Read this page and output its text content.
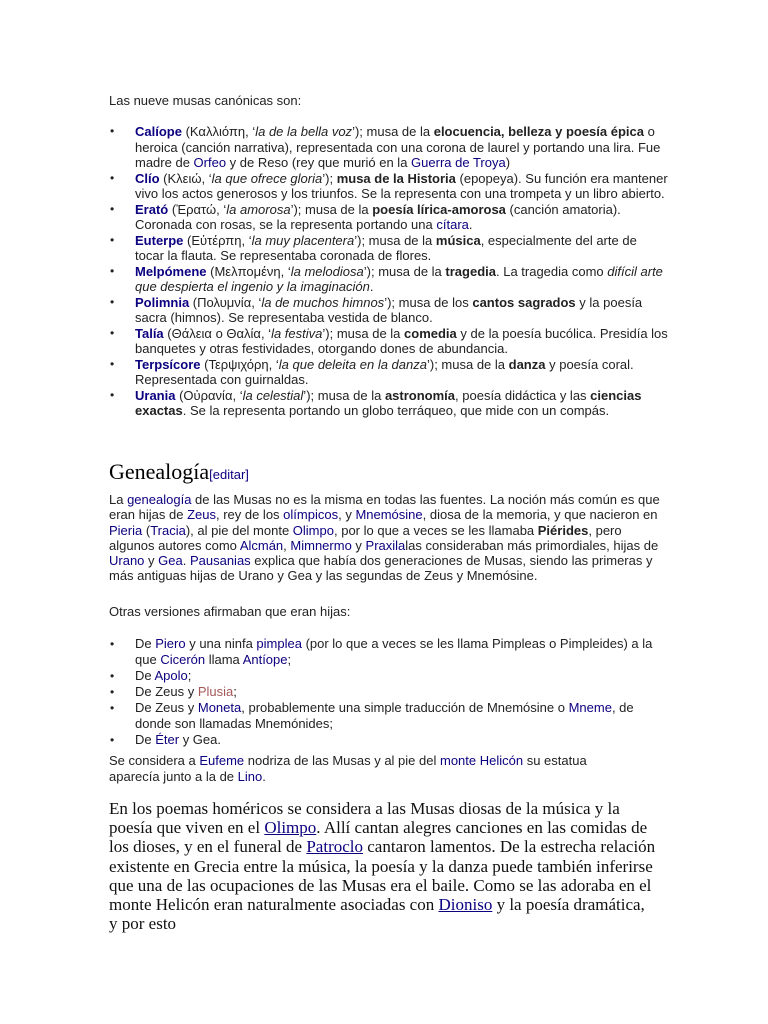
Las nueve musas canónicas son:

• Calíope (Καλλιόπη, ‘la de la bella voz’); musa de la elocuencia, belleza y poesía épica o heroica (canción narrativa), representada con una corona de laurel y portando una lira. Fue madre de Orfeo y de Reso (rey que murió en la Guerra de Troya)
• Clío (Κλειώ, ‘la que ofrece gloria’); musa de la Historia (epopeya). Su función era mantener vivo los actos generosos y los triunfos. Se la representa con una trompeta y un libro abierto.
• Erató (Ἐρατώ, ‘la amorosa’); musa de la poesía lírica-amorosa (canción amatoria). Coronada con rosas, se la representa portando una cítara.
• Euterpe (Εὐτέρπη, ‘la muy placentera’); musa de la música, especialmente del arte de tocar la flauta. Se representaba coronada de flores.
• Melpómene (Μελπομένη, ‘la melodiosa’); musa de la tragedia. La tragedia como difícil arte que despierta el ingenio y la imaginación.
• Polimnia (Πολυμνία, ‘la de muchos himnos’); musa de los cantos sagrados y la poesía sacra (himnos). Se representaba vestida de blanco.
• Talía (Θάλεια o Θαλία, ‘la festiva’); musa de la comedia y de la poesía bucólica. Presidía los banquetes y otras festividades, otorgando dones de abundancia.
• Terpsícore (Τερψιχόρη, ‘la que deleita en la danza’); musa de la danza y poesía coral. Representada con guirnaldas.
• Urania (Οὐρανία, ‘la celestial’); musa de la astronomía, poesía didáctica y las ciencias exactas. Se la representa portando un globo terráqueo, que mide con un compás.
Genealogía[editar]

La genealogía de las Musas no es la misma en todas las fuentes. La noción más común es que eran hijas de Zeus, rey de los olímpicos, y Mnemósine, diosa de la memoria, y que nacieron en Pieria (Tracia), al pie del monte Olimpo, por lo que a veces se les llamaba Piérides, pero algunos autores como Alcmán, Mimnermo y Praxilаlas consideraban más primordiales, hijas de Urano y Gea. Pausanias explica que había dos generaciones de Musas, siendo las primeras y más antiguas hijas de Urano y Gea y las segundas de Zeus y Mnemósine.

Otras versiones afirmaban que eran hijas:

• De Piero y una ninfa pimplea (por lo que a veces se les llama Pimpleas o Pimpleides) a la que Cicerón llama Antíope;
• De Apolo;
• De Zeus y Plusia;
• De Zeus y Moneta, probablemente una simple traducción de Mnemósine o Mneme, de donde son llamadas Mnemónides;
• De Éter y Gea.

Se considera a Eufeme nodriza de las Musas y al pie del monte Helicón su estatua aparecía junto a la de Lino.

En los poemas homéricos se considera a las Musas diosas de la música y la poesía que viven en el Olimpo. Allí cantan alegres canciones en las comidas de los dioses, y en el funeral de Patroclo cantaron lamentos. De la estrecha relación existente en Grecia entre la música, la poesía y la danza puede también inferirse que una de las ocupaciones de las Musas era el baile. Como se las adoraba en el monte Helicón eran naturalmente asociadas con Dioniso y la poesía dramática, y por esto
